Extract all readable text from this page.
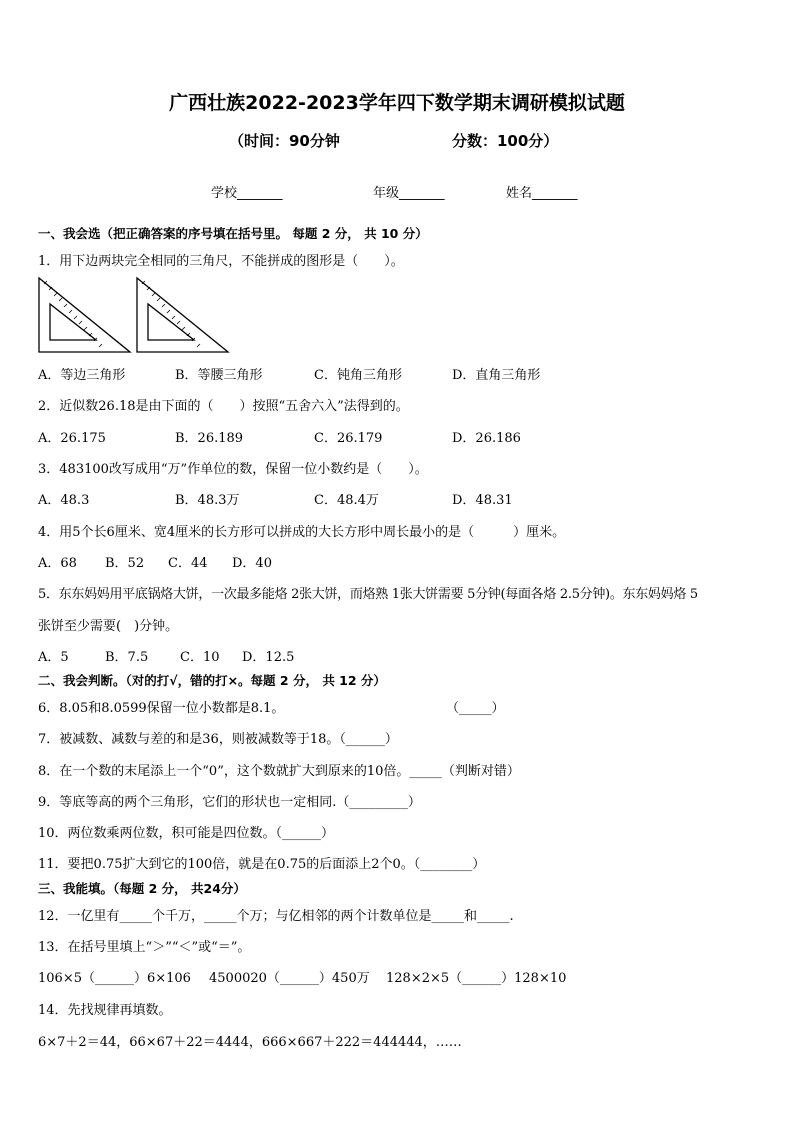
广西壮族2022-2023学年四下数学期末调研模拟试题
（时间：90分钟	分数：100分）
学校_______	年级_______	姓名_______
一、我会选（把正确答案的序号填在括号里。 每题 2 分， 共 10 分）
1．用下边两块完全相同的三角尺，不能拼成的图形是（　　）。
A．等边三角形	B．等腰三角形	C．钝角三角形	D．直角三角形
2．近似数26.18是由下面的（　　）按照“五舍六入”法得到的。
A．26.175	B．26.189	C．26.179	D．26.186
3．483100改写成用“万”作单位的数，保留一位小数约是（　　）。
A．48.3	B．48.3万	C．48.4万	D．48.31
4．用5个长6厘米、宽4厘米的长方形可以拼成的大长方形中周长最小的是（　　　）厘米。
A．68 B．52 C．44 D．40
5．东东妈妈用平底锅烙大饼，一次最多能烙 2张大饼，而烙熟 1张大饼需要 5分钟(每面各烙 2.5分钟)。东东妈妈烙 5
张饼至少需要(　)分钟。
A．5	B．7.5 C．10 D．12.5
二、我会判断。（对的打√，错的打×。每题 2 分， 共 12 分）
6．8.05和8.0599保留一位小数都是8.1。	（_____）
7．被减数、减数与差的和是36，则被减数等于18。（______）
8．在一个数的末尾添上一个“0”，这个数就扩大到原来的10倍。_____（判断对错）
9．等底等高的两个三角形，它们的形状也一定相同.（_________）
10．两位数乘两位数，积可能是四位数。（______）
11．要把0.75扩大到它的100倍，就是在0.75的后面添上2个0。（________）
三、我能填。（每题 2 分， 共24分）
12．一亿里有_____个千万，_____个万；与亿相邻的两个计数单位是_____和_____.
13．在括号里填上“＞”“＜”或“＝”。
106×5（______）6×106 4500020（______）450万 128×2×5（______）128×10
14．先找规律再填数。
6×7＋2＝44，66×67＋22＝4444，666×667＋222＝444444，……
